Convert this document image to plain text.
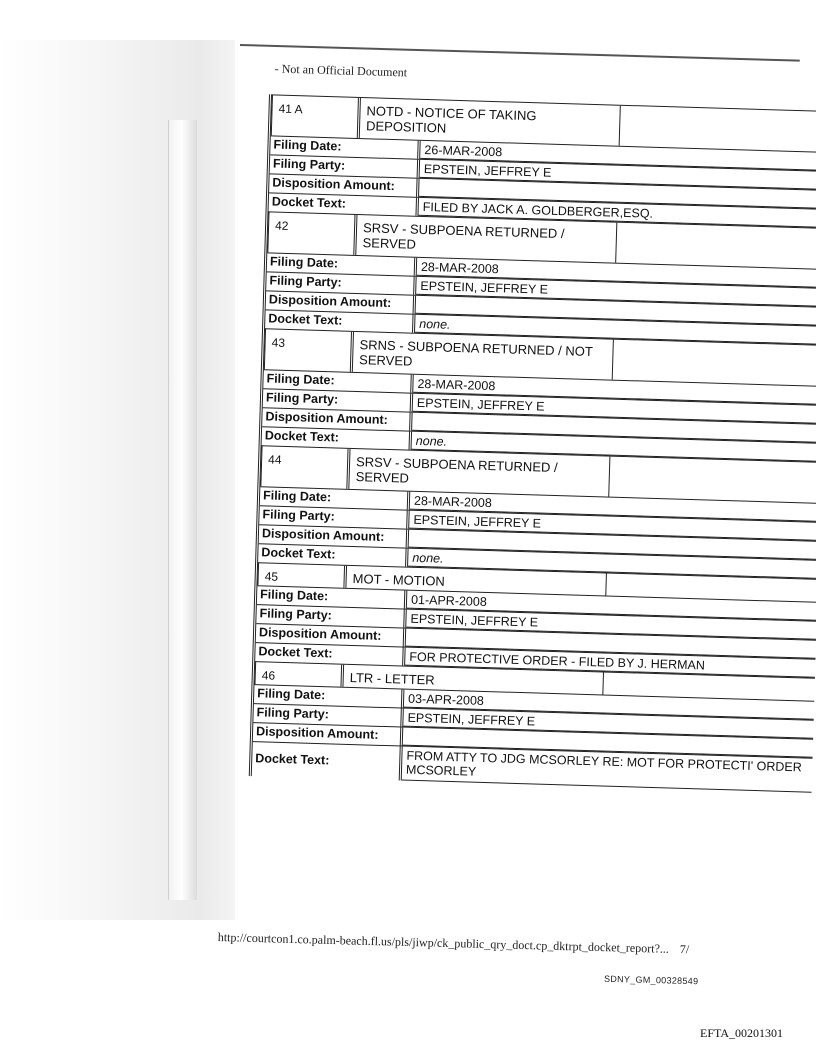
- Not an Official Document
41 A	NOTD - NOTICE OF TAKING DEPOSITION
Filing Date:	26-MAR-2008
Filing Party:	EPSTEIN, JEFFREY E
Disposition Amount:
Docket Text:	FILED BY JACK A. GOLDBERGER,ESQ.
42	SRSV - SUBPOENA RETURNED / SERVED
Filing Date:	28-MAR-2008
Filing Party:	EPSTEIN, JEFFREY E
Disposition Amount:
Docket Text:	none.
43	SRNS - SUBPOENA RETURNED / NOT SERVED
Filing Date:	28-MAR-2008
Filing Party:	EPSTEIN, JEFFREY E
Disposition Amount:
Docket Text:	none.
44	SRSV - SUBPOENA RETURNED / SERVED
Filing Date:	28-MAR-2008
Filing Party:	EPSTEIN, JEFFREY E
Disposition Amount:
Docket Text:	none.
45	MOT - MOTION
Filing Date:	01-APR-2008
Filing Party:	EPSTEIN, JEFFREY E
Disposition Amount:
Docket Text:	FOR PROTECTIVE ORDER - FILED BY J. HERMAN
46	LTR - LETTER
Filing Date:	03-APR-2008
Filing Party:	EPSTEIN, JEFFREY E
Disposition Amount:
Docket Text:	FROM ATTY TO JDG MCSORLEY RE: MOT FOR PROTECTI' ORDER MCSORLEY
http://courtcon1.co.palm-beach.fl.us/pls/jiwp/ck_public_qry_doct.cp_dktrpt_docket_report?... 7/
SDNY_GM_00328549
EFTA_00201301
